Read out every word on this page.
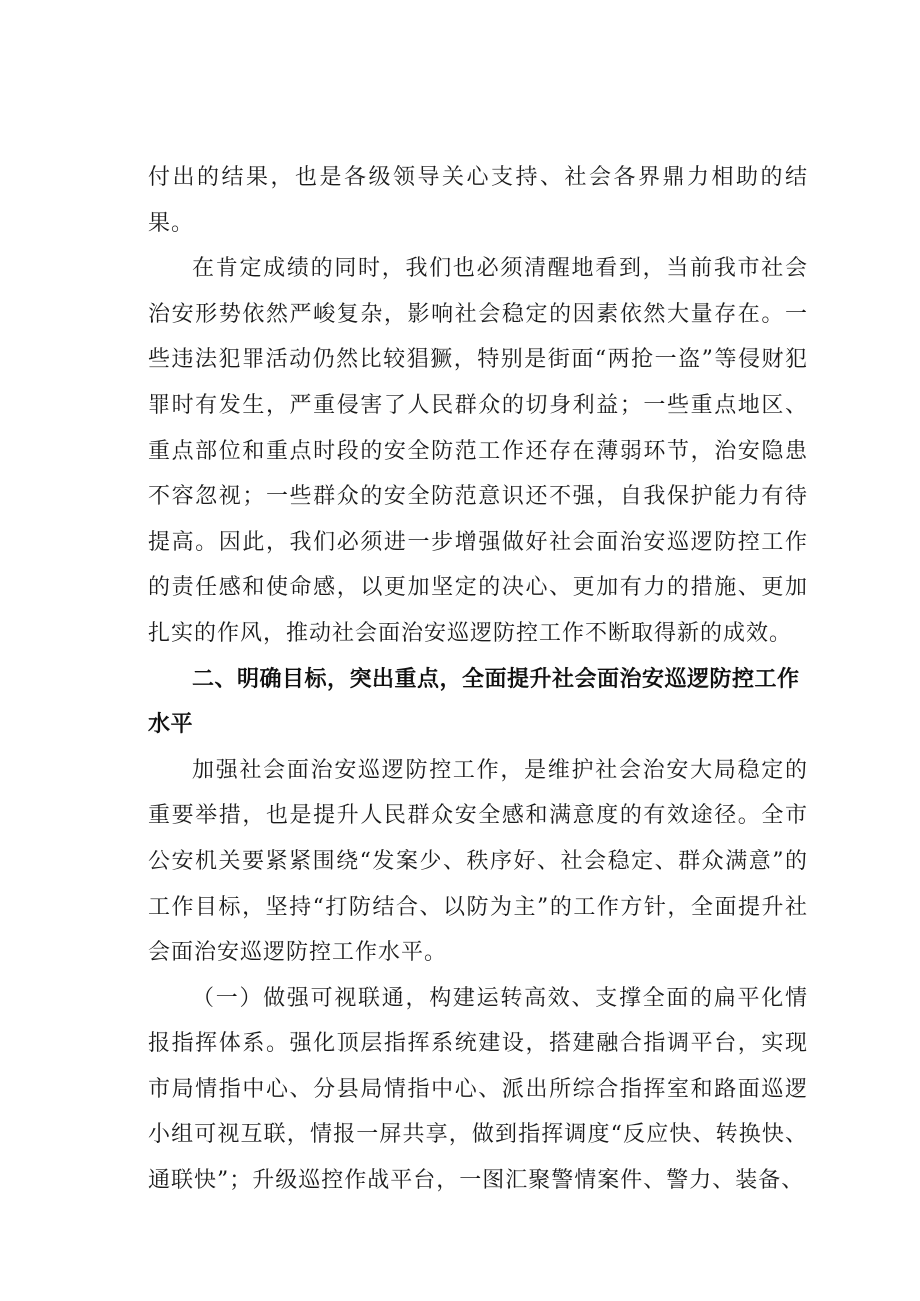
付出的结果，也是各级领导关心支持、社会各界鼎力相助的结果。

在肯定成绩的同时，我们也必须清醒地看到，当前我市社会治安形势依然严峻复杂，影响社会稳定的因素依然大量存在。一些违法犯罪活动仍然比较猖獗，特别是街面“两抢一盗”等侵财犯罪时有发生，严重侵害了人民群众的切身利益；一些重点地区、重点部位和重点时段的安全防范工作还存在薄弱环节，治安隐患不容忽视；一些群众的安全防范意识还不强，自我保护能力有待提高。因此，我们必须进一步增强做好社会面治安巡逻防控工作的责任感和使命感，以更加坚定的决心、更加有力的措施、更加扎实的作风，推动社会面治安巡逻防控工作不断取得新的成效。

二、明确目标，突出重点，全面提升社会面治安巡逻防控工作水平

加强社会面治安巡逻防控工作，是维护社会治安大局稳定的重要举措，也是提升人民群众安全感和满意度的有效途径。全市公安机关要紧紧围绕“发案少、秩序好、社会稳定、群众满意”的工作目标，坚持“打防结合、以防为主”的工作方针，全面提升社会面治安巡逻防控工作水平。

（一）做强可视联通，构建运转高效、支撑全面的扁平化情报指挥体系。强化顶层指挥系统建设，搭建融合指调平台，实现市局情指中心、分县局情指中心、派出所综合指挥室和路面巡逻小组可视互联，情报一屏共享，做到指挥调度“反应快、转换快、通联快”；升级巡控作战平台，一图汇聚警情案件、警力、装备、
